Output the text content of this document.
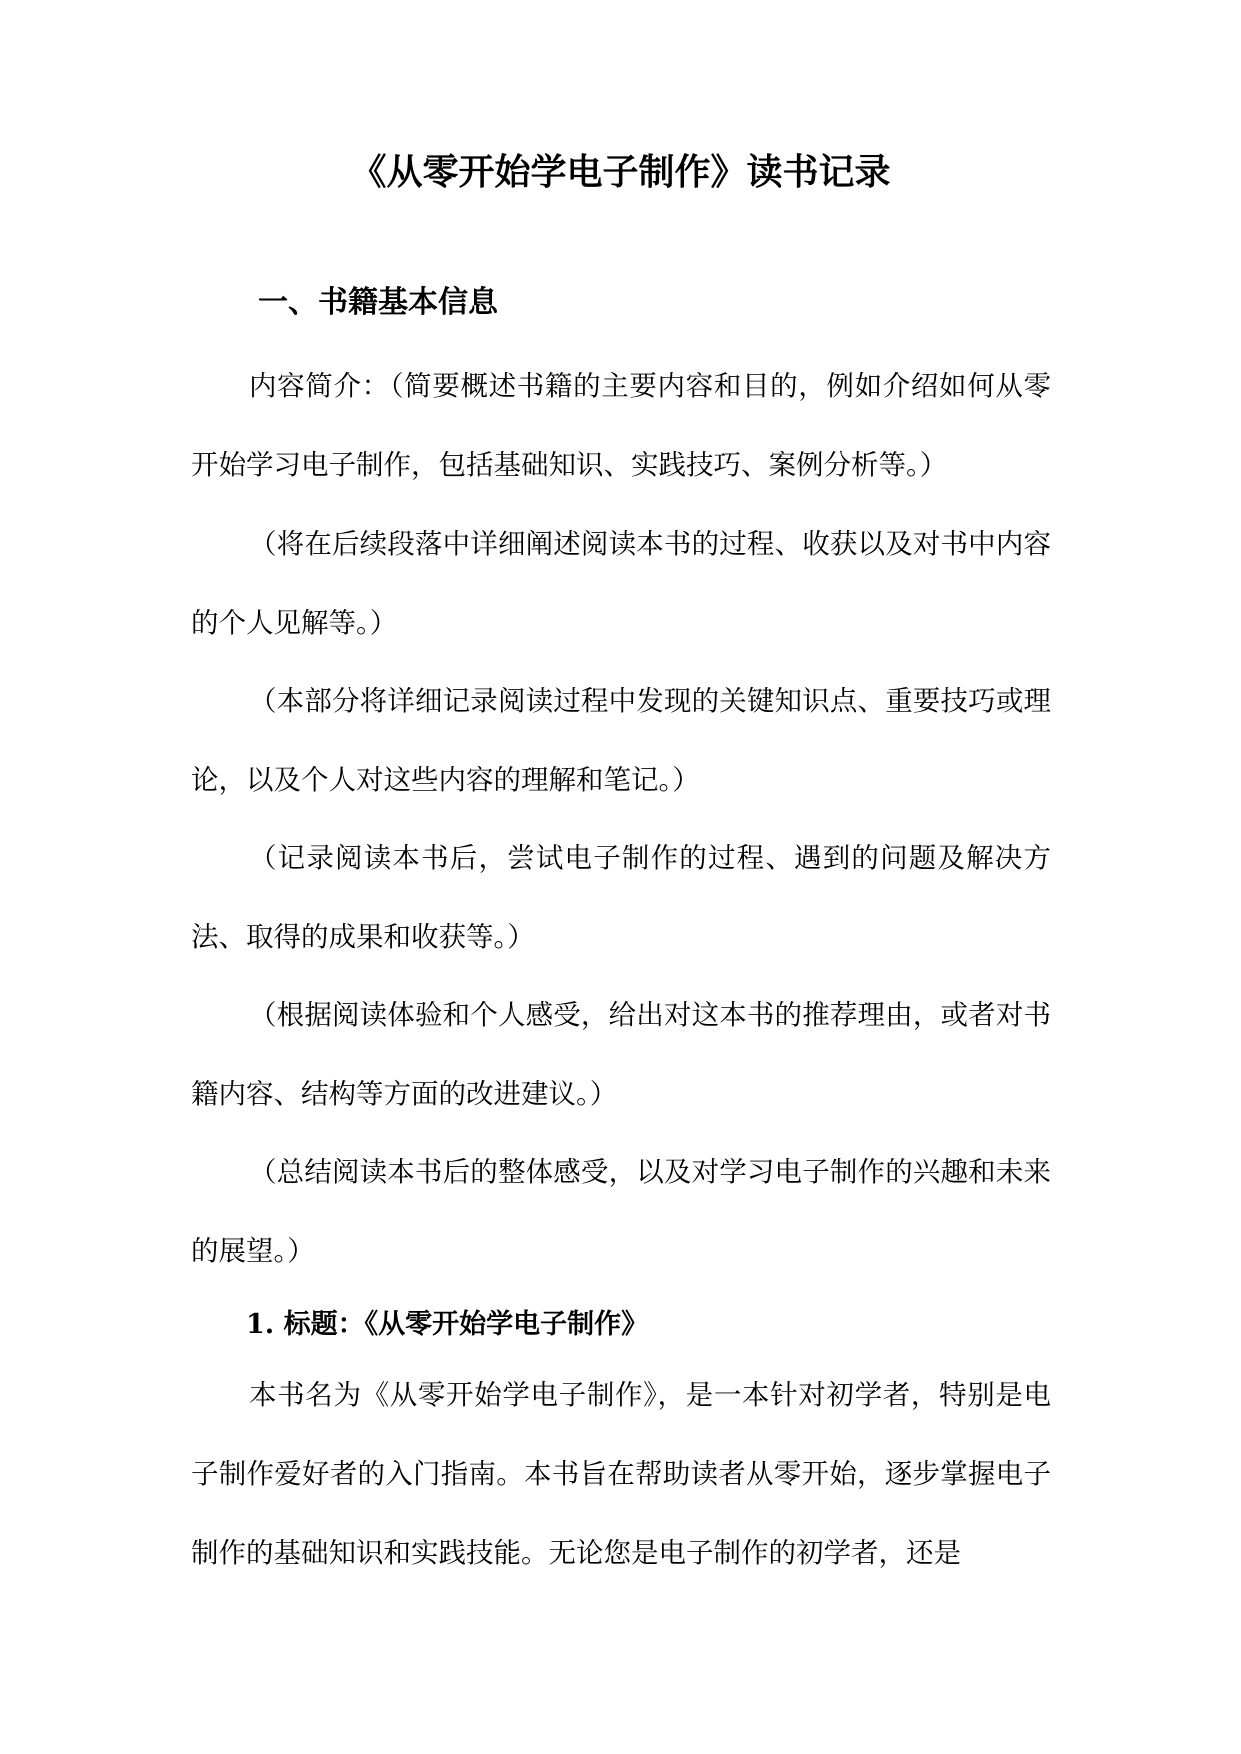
《从零开始学电子制作》读书记录
一、书籍基本信息

内容简介：（简要概述书籍的主要内容和目的，例如介绍如何从零开始学习电子制作，包括基础知识、实践技巧、案例分析等。）

（将在后续段落中详细阐述阅读本书的过程、收获以及对书中内容的个人见解等。）

（本部分将详细记录阅读过程中发现的关键知识点、重要技巧或理论，以及个人对这些内容的理解和笔记。）

（记录阅读本书后，尝试电子制作的过程、遇到的问题及解决方法、取得的成果和收获等。）

（根据阅读体验和个人感受，给出对这本书的推荐理由，或者对书籍内容、结构等方面的改进建议。）

（总结阅读本书后的整体感受，以及对学习电子制作的兴趣和未来的展望。）

1. 标题：《从零开始学电子制作》

本书名为《从零开始学电子制作》，是一本针对初学者，特别是电子制作爱好者的入门指南。本书旨在帮助读者从零开始，逐步掌握电子制作的基础知识和实践技能。无论您是电子制作的初学者，还是
